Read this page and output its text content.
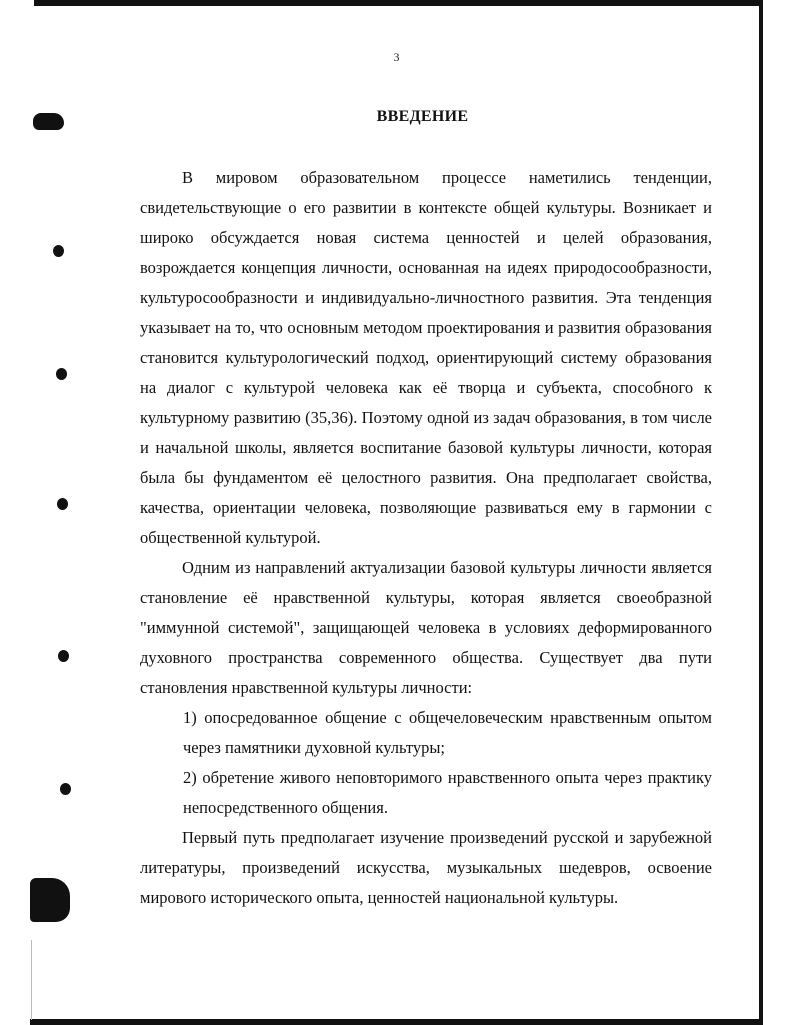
3
ВВЕДЕНИЕ

В мировом образовательном процессе наметились тенденции, свидетельствующие о его развитии в контексте общей культуры. Возникает и широко обсуждается новая система ценностей и целей образования, возрождается концепция личности, основанная на идеях природосообразности, культуросообразности и индивидуально-личностного развития. Эта тенденция указывает на то, что основным методом проектирования и развития образования становится культурологический подход, ориентирующий систему образования на диалог с культурой человека как её творца и субъекта, способного к культурному развитию (35,36). Поэтому одной из задач образования, в том числе и начальной школы, является воспитание базовой культуры личности, которая была бы фундаментом её целостного развития. Она предполагает свойства, качества, ориентации человека, позволяющие развиваться ему в гармонии с общественной культурой.

Одним из направлений актуализации базовой культуры личности является становление её нравственной культуры, которая является своеобразной "иммунной системой", защищающей человека в условиях деформированного духовного пространства современного общества. Существует два пути становления нравственной культуры личности:

1) опосредованное общение с общечеловеческим нравственным опытом через памятники духовной культуры;

2) обретение живого неповторимого нравственного опыта через практику непосредственного общения.

Первый путь предполагает изучение произведений русской и зарубежной литературы, произведений искусства, музыкальных шедевров, освоение мирового исторического опыта, ценностей национальной культуры.
